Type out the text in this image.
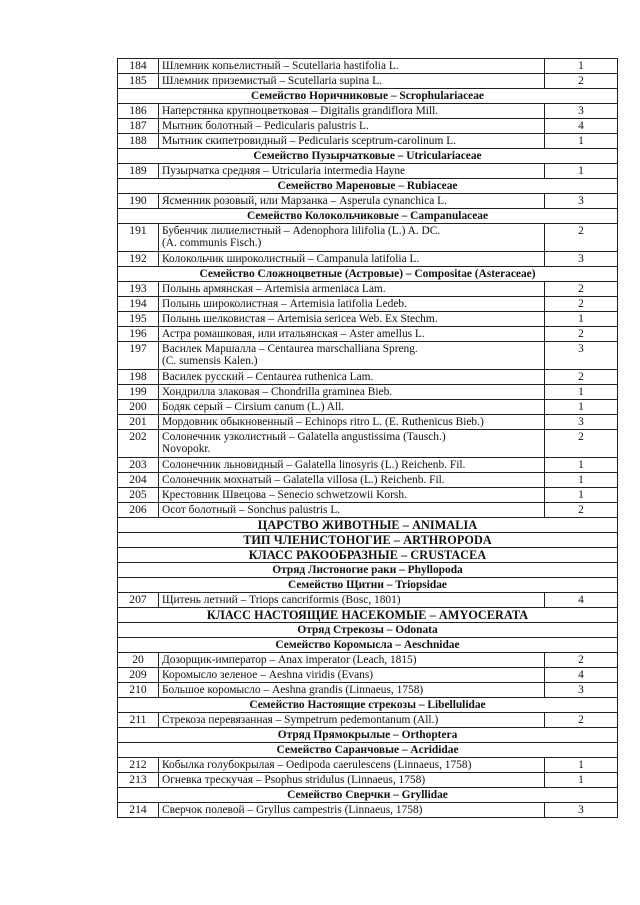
184	Шлемник копьелистный – Scutellaria hastifolia L.	1
185	Шлемник приземистый – Scutellaria supina L.	2
Семейство Норичниковые – Scrophulariaceae		
186	Наперстянка крупноцветковая – Digitalis grandiflora Mill.	3
187	Мытник болотный – Pedicularis palustris L.	4
188	Мытник скипетровидный – Pedicularis sceptrum-carolinum L.	1
Семейство Пузырчатковые – Utriculariaceae		
189	Пузырчатка средняя – Utricularia intermedia Hayne	1
Семейство Мареновые – Rubiaceae		
190	Ясменник розовый, или Марзанка – Asperula cynanchica L.	3
Семейство Колокольчиковые – Campanulaceae		
191	Бубенчик лилиелистный – Adenophora lilifolia (L.) A. DC.
(A. communis Fisch.)	2
192	Колокольчик широколистный – Campanula latifolia L.	3
Семейство Сложноцветные (Астровые) – Compositae (Asteraceae)		
193	Полынь армянская – Artemisia armeniaca Lam.	2
194	Полынь широколистная – Artemisia latifolia Ledeb.	2
195	Полынь шелковистая – Artemisia sericea Web. Ex Stechm.	1
196	Астра ромашковая, или итальянская – Aster amellus L.	2
197	Василек Маршалла – Centaurea marschalliana Spreng.
(C. sumensis Kalen.)	3
198	Василек русский – Centaurea ruthenica Lam.	2
199	Хондрилла злаковая – Chondrilla graminea Bieb.	1
200	Бодяк серый – Cirsium canum (L.) All.	1
201	Мордовник обыкновенный – Echinops ritro L. (E. Ruthenicus Bieb.)	3
202	Солонечник узколистный – Galatella angustissima (Tausch.)
Novopokr.	2
203	Солонечник льновидный – Galatella linosyris (L.) Reichenb. Fil.	1
204	Солонечник мохнатый – Galatella villosa (L.) Reichenb. Fil.	1
205	Крестовник Швецова – Senecio schwetzowii Korsh.	1
206	Осот болотный – Sonchus palustris L.	2
ЦАРСТВО ЖИВОТНЫЕ – ANIMALIA		
ТИП ЧЛЕНИСТОНОГИЕ – ARTHROPODA		
КЛАСС РАКООБРАЗНЫЕ – CRUSTACEA		
Отряд Листоногие раки – Phyllopoda		
Семейство Щитни – Triopsidae		
207	Щитень летний – Triops cancriformis (Bosc, 1801)	4
КЛАСС НАСТОЯЩИЕ НАСЕКОМЫЕ – AMYOCERATA		
Отряд Стрекозы – Odonata		
Семейство Коромысла – Aeschnidae		
20	Дозорщик-император – Anax imperator (Leach, 1815)	2
209	Коромысло зеленое – Aeshna viridis (Evans)	4
210	Большое коромысло – Aeshna grandis (Linnaeus, 1758)	3
Семейство Настоящие стрекозы – Libellulidae		
211	Стрекоза перевязанная – Sympetrum pedemontanum (All.)	2
Отряд Прямокрылые – Orthoptera		
Семейство Саранчовые – Acrididae		
212	Кобылка голубокрылая – Oedipoda caerulescens (Linnaeus, 1758)	1
213	Огневка трескучая – Psophus stridulus (Linnaeus, 1758)	1
Семейство Сверчки – Gryllidae		
214	Сверчок полевой – Gryllus campestris (Linnaeus, 1758)	3
